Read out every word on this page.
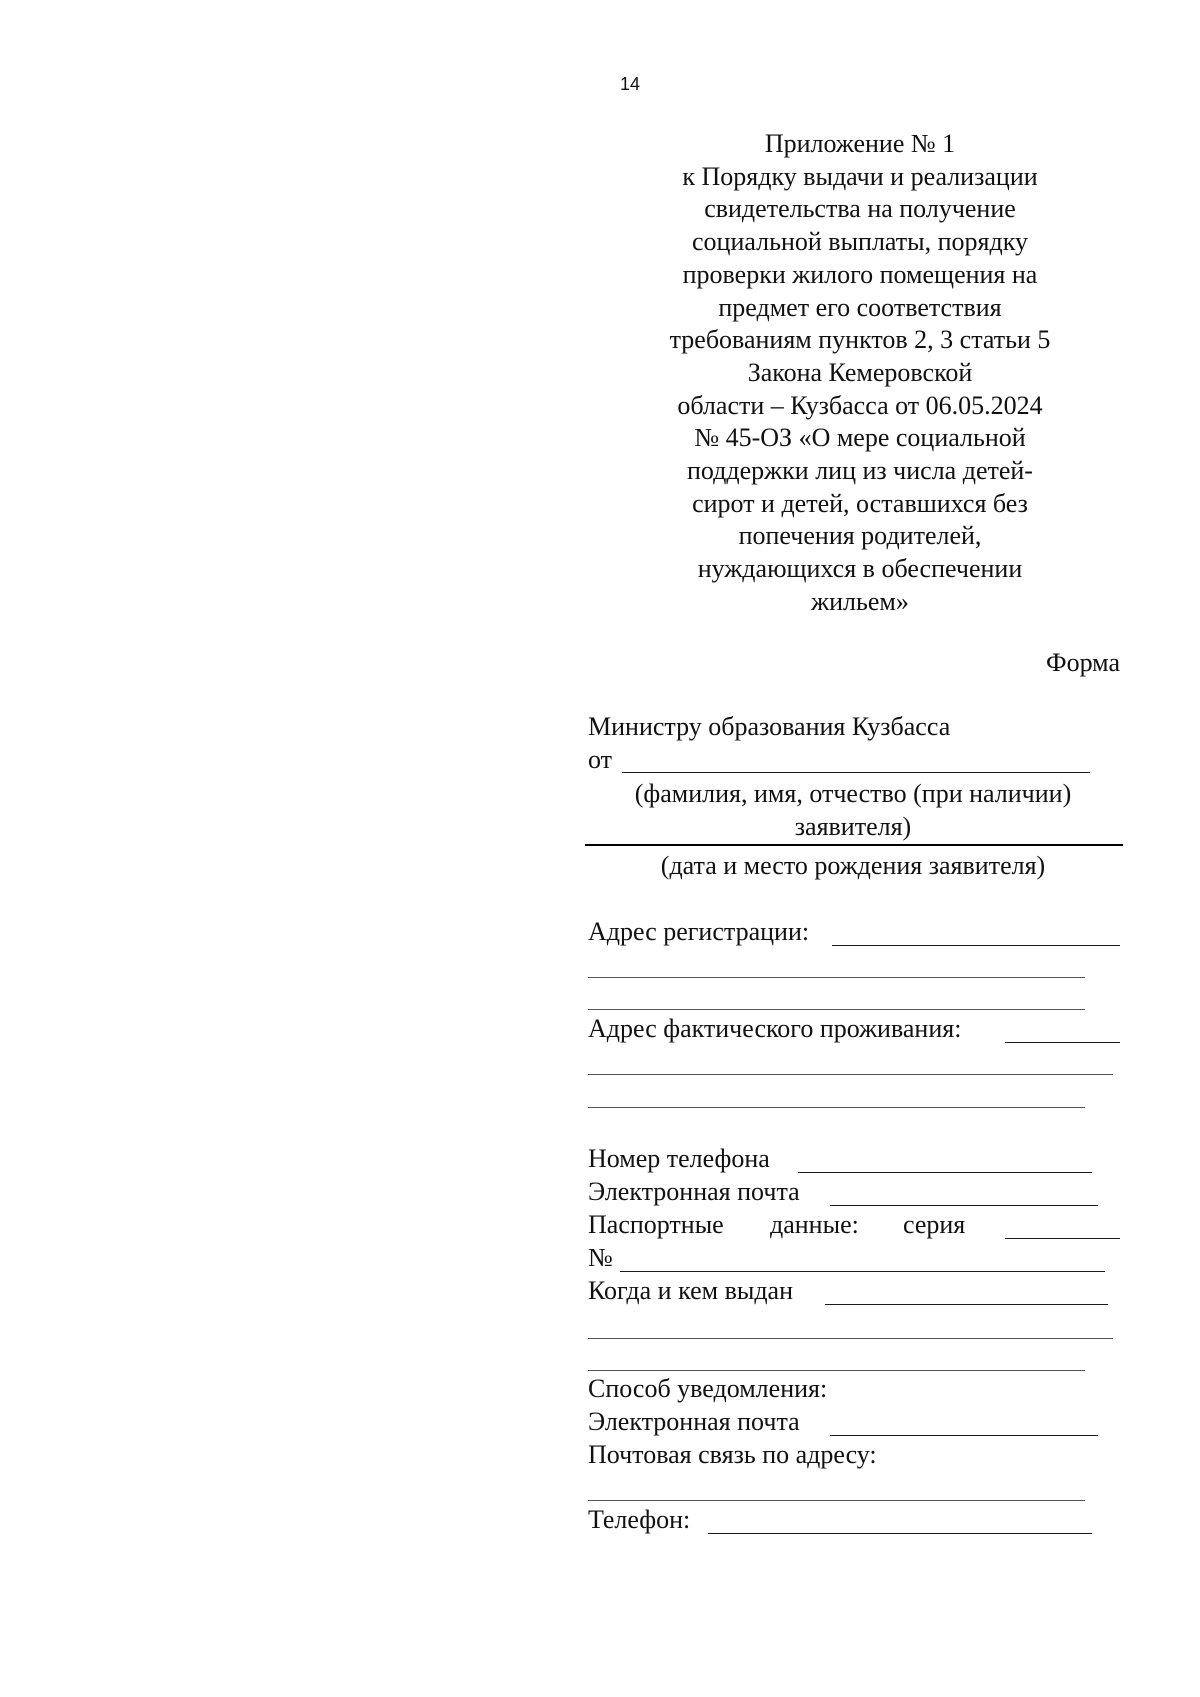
14
Приложение № 1
к Порядку выдачи и реализации
свидетельства на получение
социальной выплаты, порядку
проверки жилого помещения на
предмет его соответствия
требованиям пунктов 2, 3 статьи 5
Закона Кемеровской
области – Кузбасса от 06.05.2024
№ 45-ОЗ «О мере социальной
поддержки лиц из числа детей-
сирот и детей, оставшихся без
попечения родителей,
нуждающихся в обеспечении
жильем»
Форма
Министру образования Кузбасса
от
(фамилия, имя, отчество (при наличии)
заявителя)
(дата и место рождения заявителя)
Адрес регистрации:
Адрес фактического проживания:
Номер телефона
Электронная почта
Паспортные данные: серия
№
Когда и кем выдан
Способ уведомления:
Электронная почта
Почтовая связь по адресу:
Телефон:
